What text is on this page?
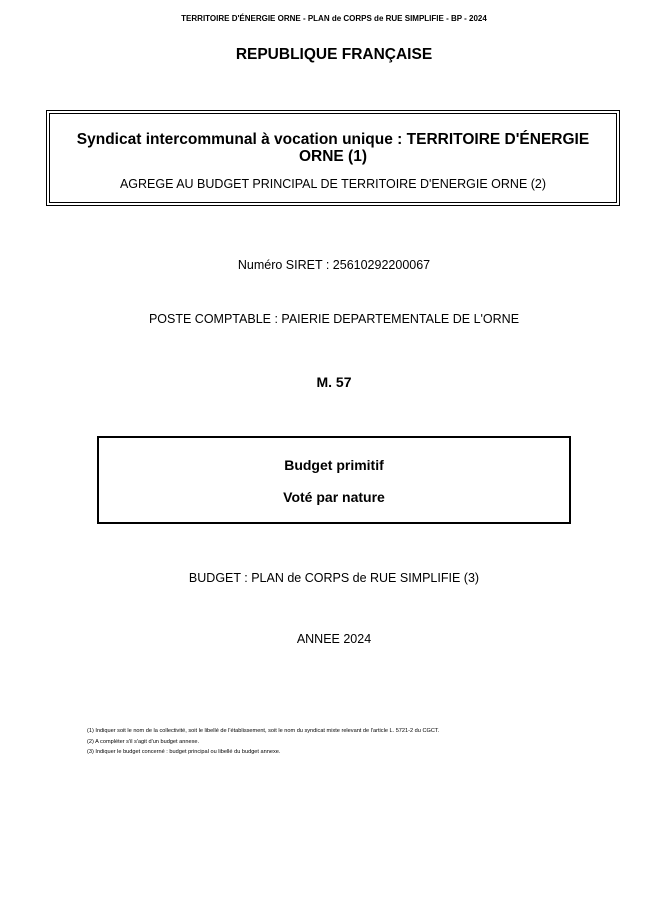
TERRITOIRE D'ÉNERGIE ORNE - PLAN de CORPS de RUE SIMPLIFIE - BP - 2024
REPUBLIQUE FRANÇAISE
Syndicat intercommunal à vocation unique : TERRITOIRE D'ÉNERGIE ORNE (1)
AGREGE AU BUDGET PRINCIPAL DE TERRITOIRE D'ENERGIE ORNE (2)
Numéro SIRET : 25610292200067
POSTE COMPTABLE : PAIERIE DEPARTEMENTALE DE L'ORNE
M. 57
Budget primitif
Voté par nature
BUDGET : PLAN de CORPS de RUE SIMPLIFIE (3)
ANNEE 2024
(1) Indiquer soit le nom de la collectivité, soit le libellé de l'établissement, soit le nom du syndicat mixte relevant de l'article L. 5721-2 du CGCT.
(2) A compléter s'il s'agit d'un budget annexe.
(3) Indiquer le budget concerné : budget principal ou libellé du budget annexe.
